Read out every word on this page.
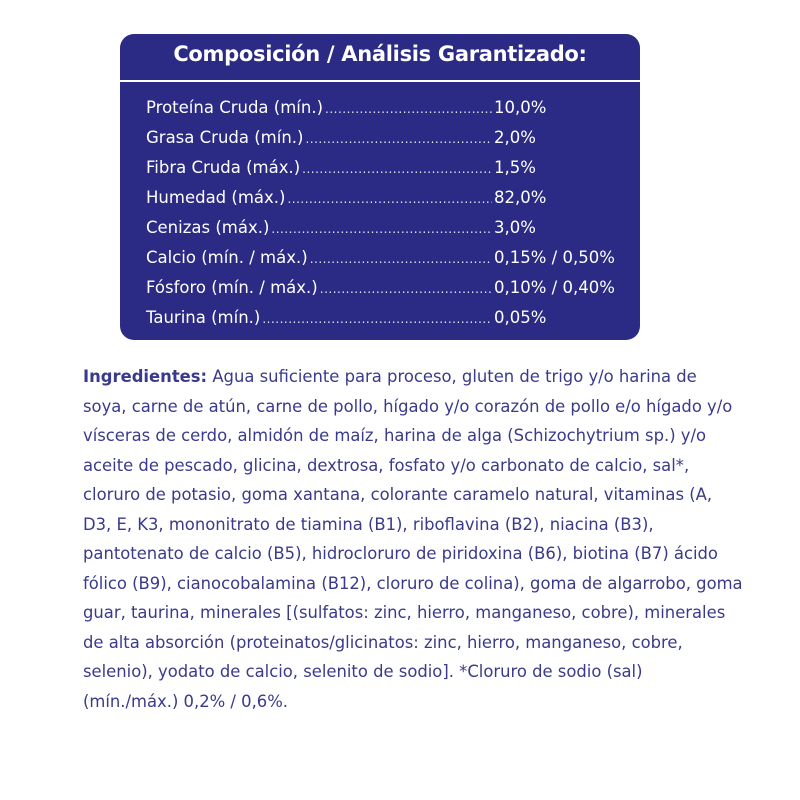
Composición / Análisis Garantizado:
Proteína Cruda (mín.) .....	10,0%
Grasa Cruda (mín.) .....	2,0%
Fibra Cruda (máx.) .....	1,5%
Humedad (máx.) .....	82,0%
Cenizas (máx.) .....	3,0%
Calcio (mín. / máx.) .....	0,15% / 0,50%
Fósforo (mín. / máx.) .....	0,10% / 0,40%
Taurina (mín.) .....	0,05%
Ingredientes: Agua suficiente para proceso, gluten de trigo y/o harina de soya, carne de atún, carne de pollo, hígado y/o corazón de pollo e/o hígado y/o vísceras de cerdo, almidón de maíz, harina de alga (Schizochytrium sp.) y/o aceite de pescado, glicina, dextrosa, fosfato y/o carbonato de calcio, sal*, cloruro de potasio, goma xantana, colorante caramelo natural, vitaminas (A, D3, E, K3, mononitrato de tiamina (B1), riboflavina (B2), niacina (B3), pantotenato de calcio (B5), hidrocloruro de piridoxina (B6), biotina (B7) ácido fólico (B9), cianocobalamina (B12), cloruro de colina), goma de algarrobo, goma guar, taurina, minerales [(sulfatos: zinc, hierro, manganeso, cobre), minerales de alta absorción (proteinatos/glicinatos: zinc, hierro, manganeso, cobre, selenio), yodato de calcio, selenito de sodio]. *Cloruro de sodio (sal) (mín./máx.) 0,2% / 0,6%.
